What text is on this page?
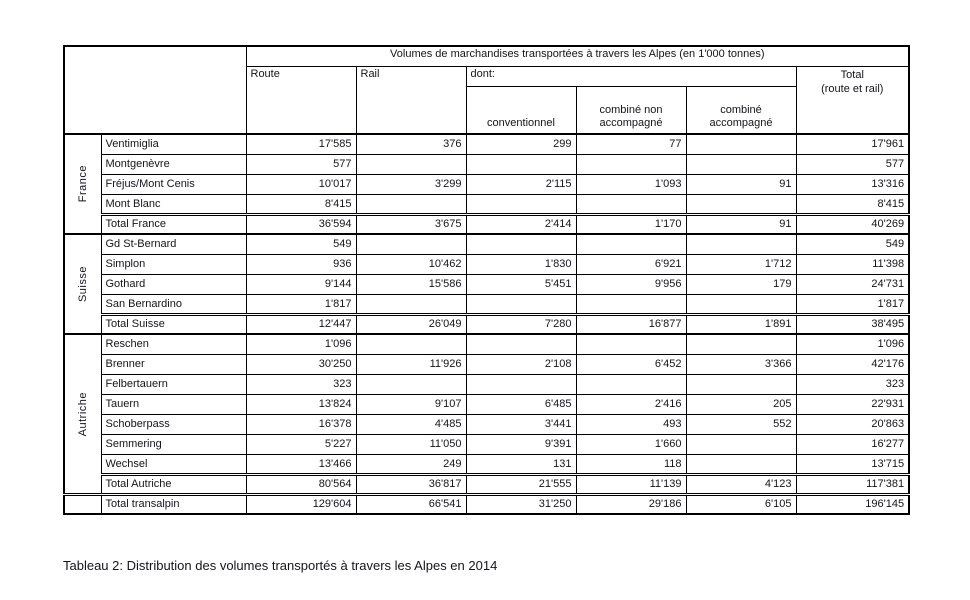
		Volumes de marchandises transportées à travers les Alpes (en 1'000 tonnes)					
		Route	Rail	dont:			Total
(route et rail)
				conventionnel	combiné non accompagné	combiné accompagné	

France	Ventimiglia	17'585	376	299	77		17'961
	Montgenèvre	577					577
	Fréjus/Mont Cenis	10'017	3'299	2'115	1'093	91	13'316
	Mont Blanc	8'415					8'415
	Total France	36'594	3'675	2'414	1'170	91	40'269

Suisse	Gd St-Bernard	549					549
	Simplon	936	10'462	1'830	6'921	1'712	11'398
	Gothard	9'144	15'586	5'451	9'956	179	24'731
	San Bernardino	1'817					1'817
	Total Suisse	12'447	26'049	7'280	16'877	1'891	38'495

Autriche	Reschen	1'096					1'096
	Brenner	30'250	11'926	2'108	6'452	3'366	42'176
	Felbertauern	323					323
	Tauern	13'824	9'107	6'485	2'416	205	22'931
	Schoberpass	16'378	4'485	3'441	493	552	20'863
	Semmering	5'227	11'050	9'391	1'660		16'277
	Wechsel	13'466	249	131	118		13'715
	Total Autriche	80'564	36'817	21'555	11'139	4'123	117'381
	Total transalpin	129'604	66'541	31'250	29'186	6'105	196'145
Tableau 2: Distribution des volumes transportés à travers les Alpes en 2014
